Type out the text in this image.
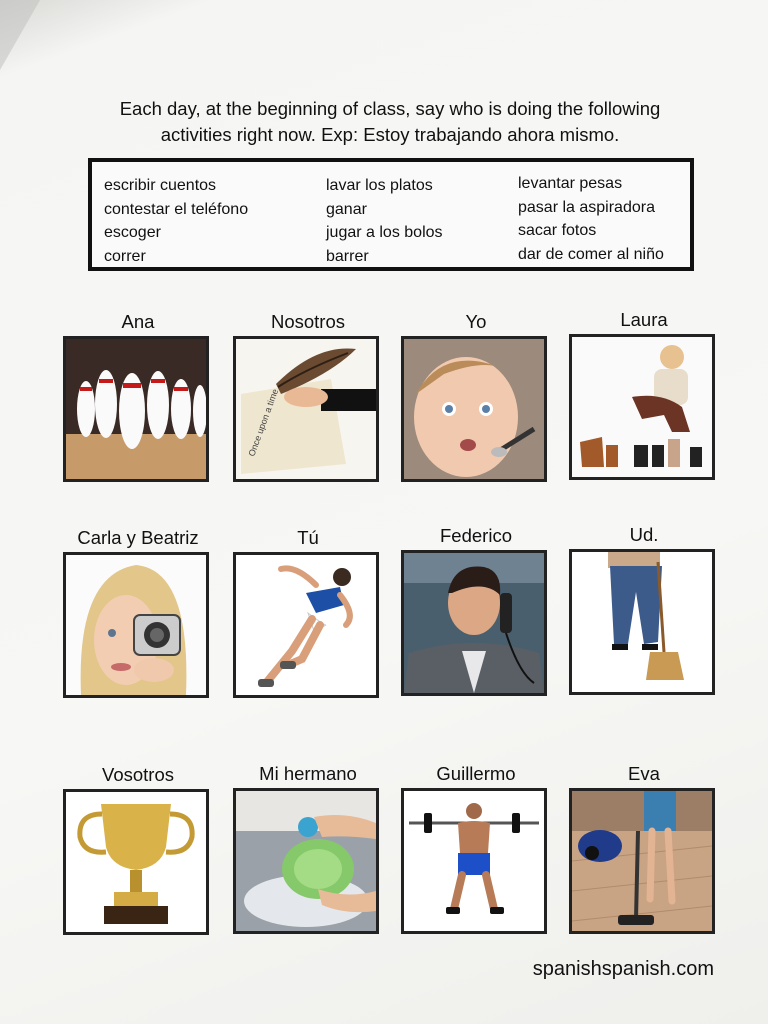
Each day, at the beginning of class, say who is doing the following
activities right now. Exp: Estoy trabajando ahora mismo.
escribir cuentos
contestar el teléfono
escoger
correr
lavar los platos
ganar
jugar a los bolos
barrer
levantar pesas
pasar la aspiradora
sacar fotos
dar de comer al niño
Ana	Nosotros
Once upon a time
Yo	Laura
Carla y Beatriz	Tú	Federico	Ud.
Vosotros	Mi hermano	Guillermo	Eva
spanishspanish.com
